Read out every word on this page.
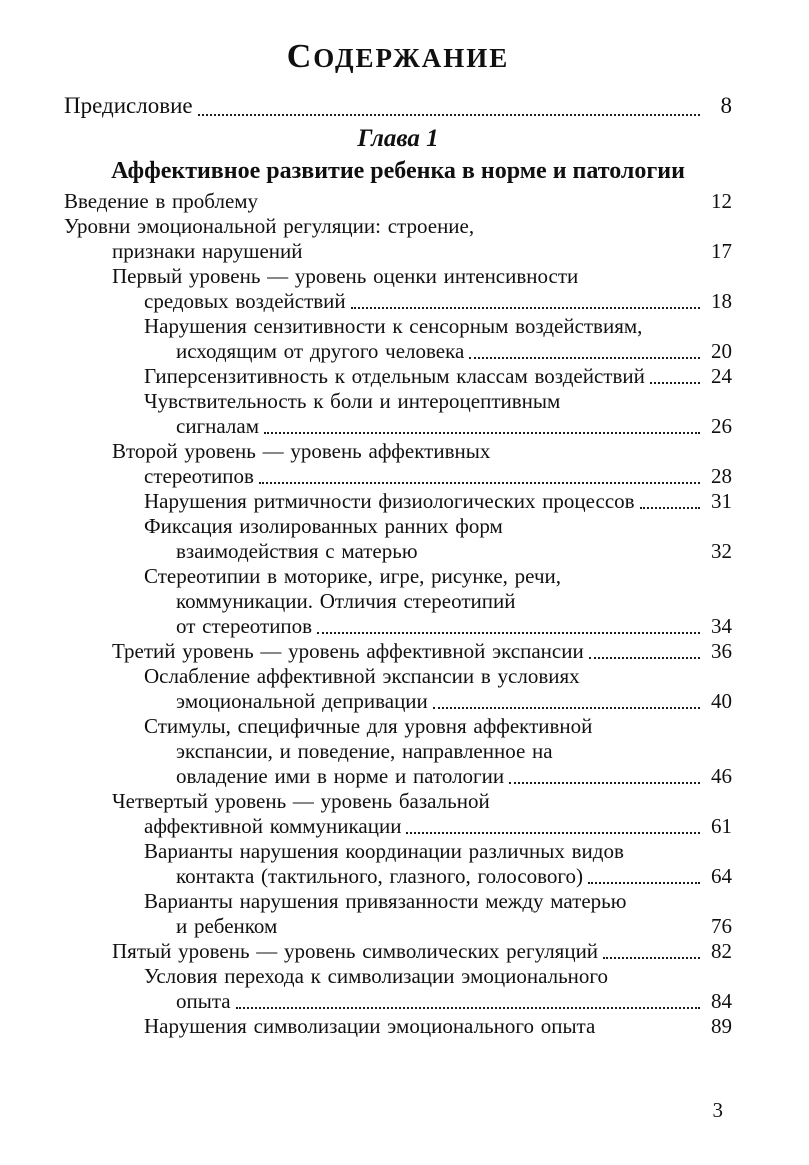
СОДЕРЖАНИЕ
Предисловие	8
Глава 1
Аффективное развитие ребенка в норме и патологии
Введение в проблему	12
Уровни эмоциональной регуляции: строение,
признаки нарушений	17
Первый уровень — уровень оценки интенсивности
средовых воздействий	18
Нарушения сензитивности к сенсорным воздействиям,
исходящим от другого человека	20
Гиперсензитивность к отдельным классам воздействий	24
Чувствительность к боли и интероцептивным
сигналам	26
Второй уровень — уровень аффективных
стереотипов	28
Нарушения ритмичности физиологических процессов	31
Фиксация изолированных ранних форм
взаимодействия с матерью	32
Стереотипии в моторике, игре, рисунке, речи,
коммуникации. Отличия стереотипий
от стереотипов	34
Третий уровень — уровень аффективной экспансии	36
Ослабление аффективной экспансии в условиях
эмоциональной депривации	40
Стимулы, специфичные для уровня аффективной
экспансии, и поведение, направленное на
овладение ими в норме и патологии	46
Четвертый уровень — уровень базальной
аффективной коммуникации	61
Варианты нарушения координации различных видов
контакта (тактильного, глазного, голосового)	64
Варианты нарушения привязанности между матерью
и ребенком	76
Пятый уровень — уровень символических регуляций	82
Условия перехода к символизации эмоционального
опыта	84
Нарушения символизации эмоционального опыта	89
3
